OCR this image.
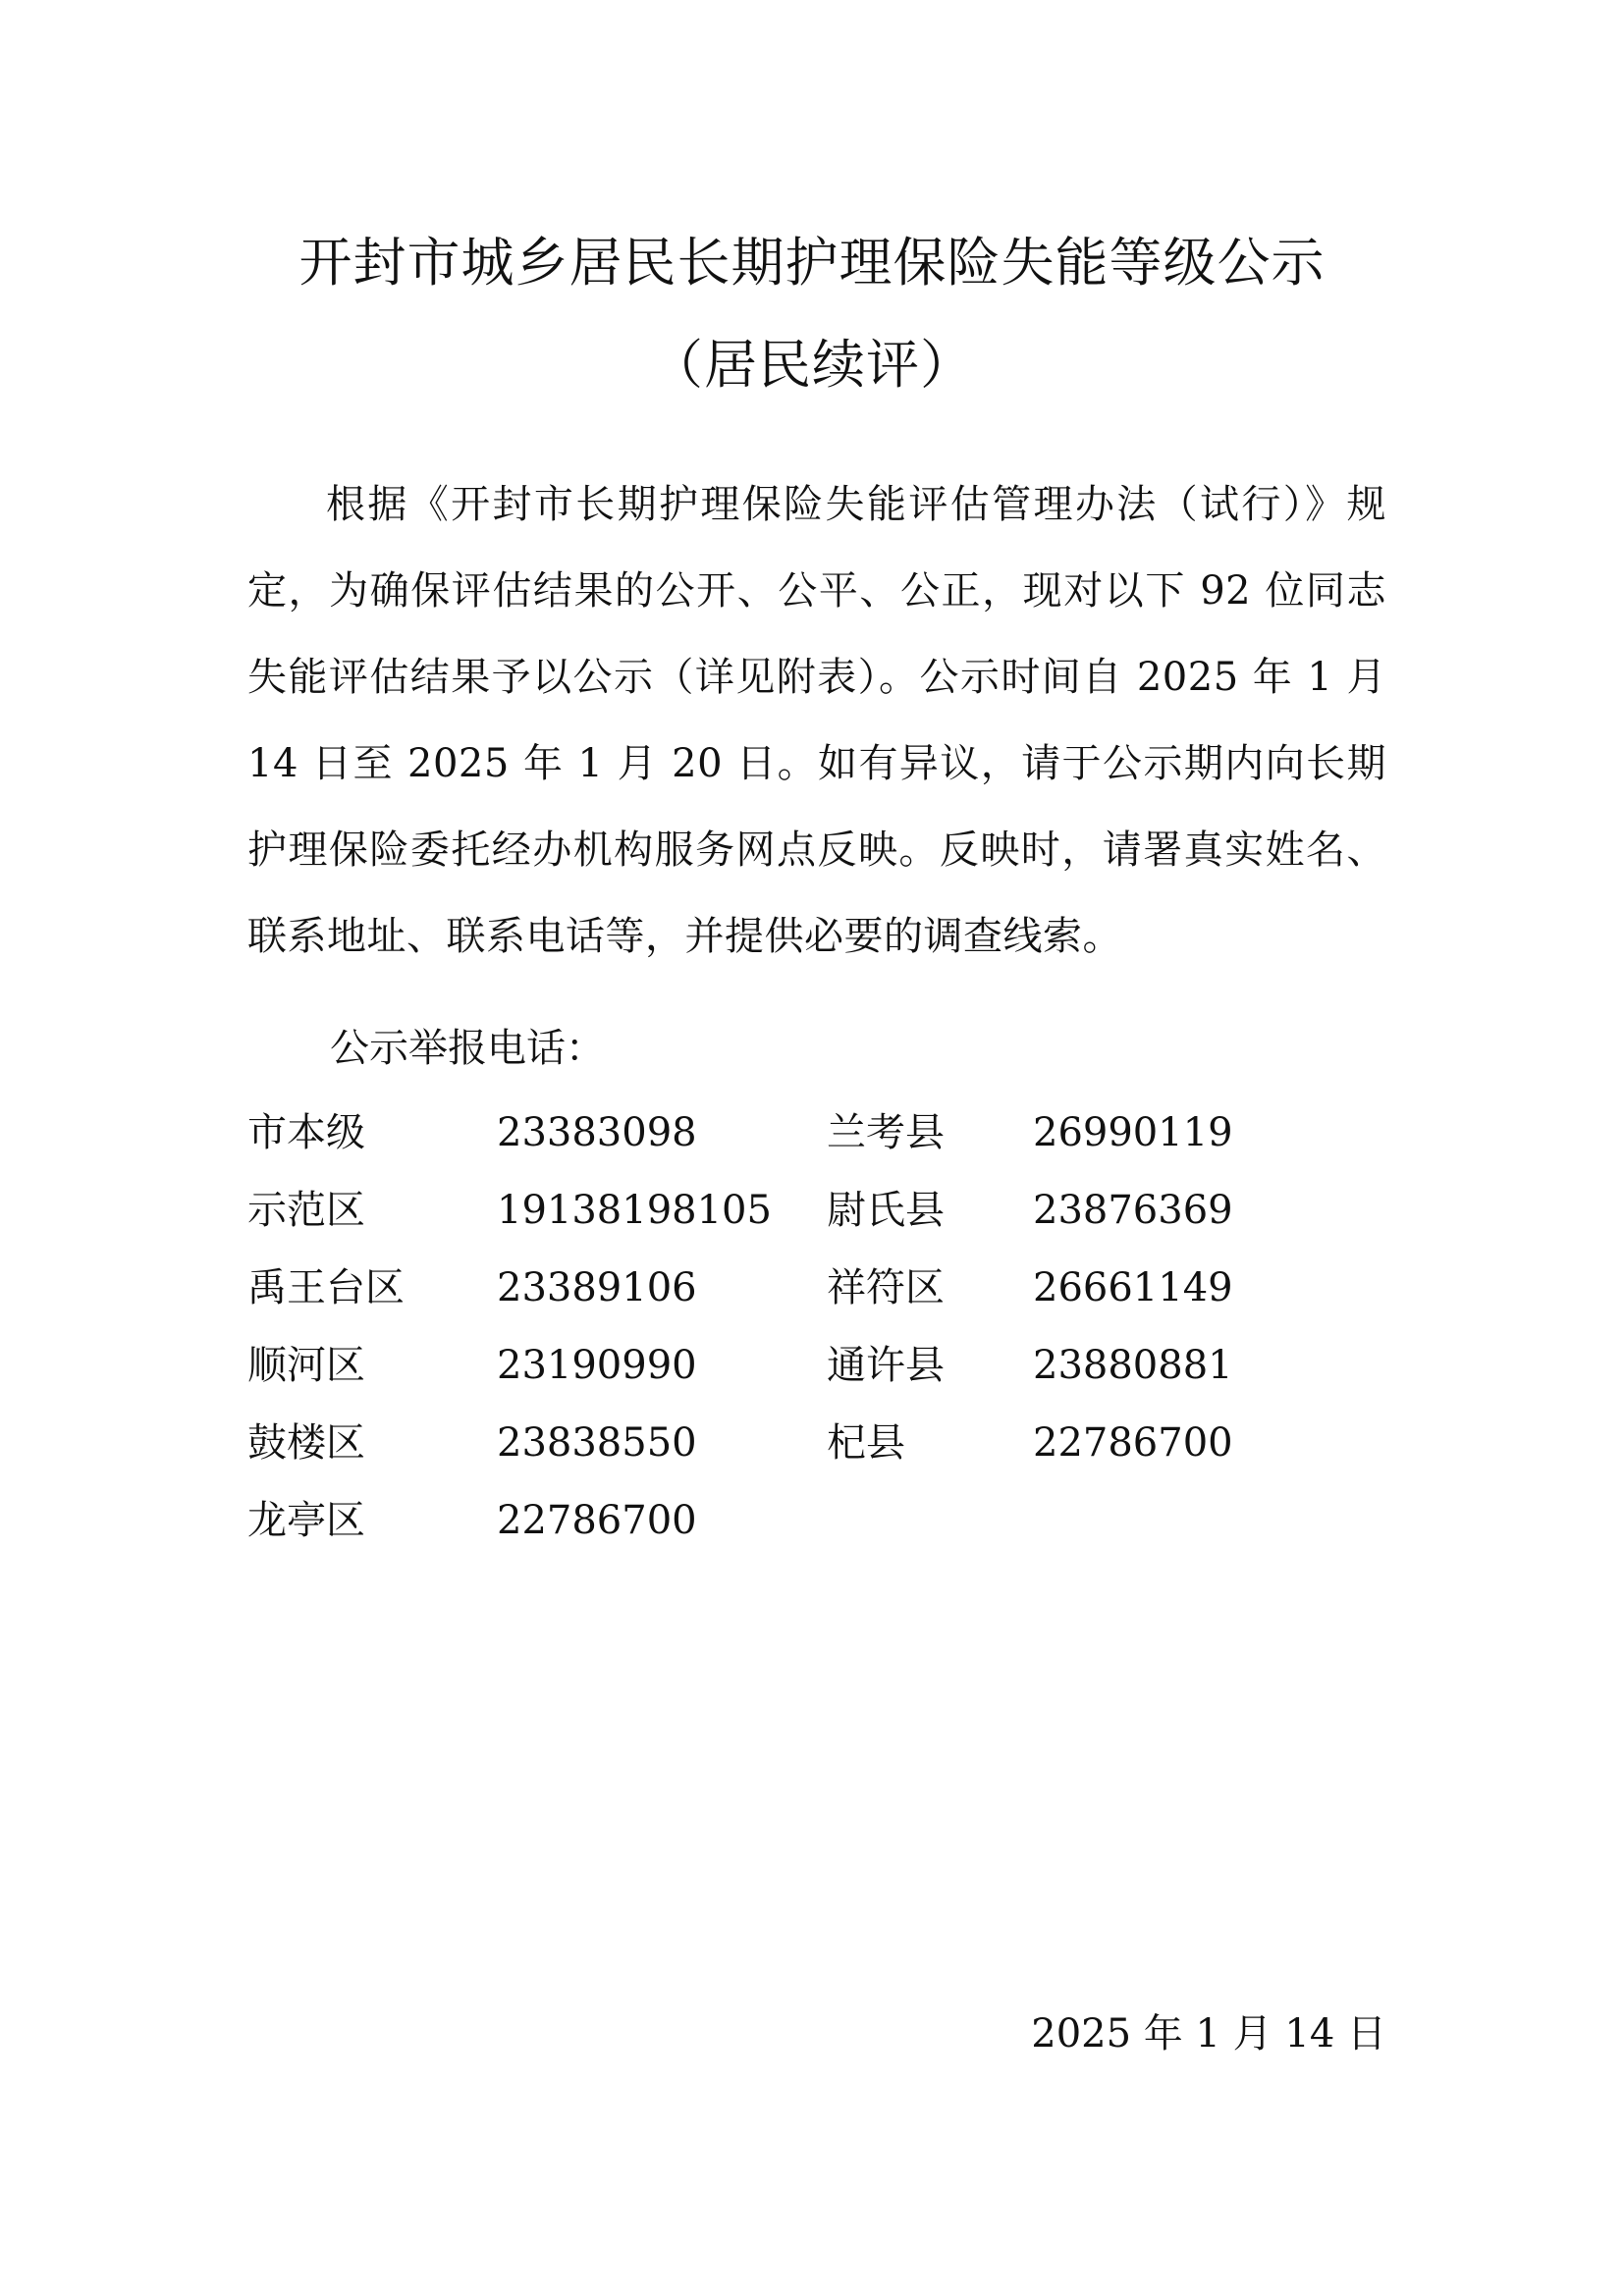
开封市城乡居民长期护理保险失能等级公示
（居民续评）
根据《开封市长期护理保险失能评估管理办法（试行）》规定，为确保评估结果的公开、公平、公正，现对以下 92 位同志失能评估结果予以公示（详见附表）。公示时间自 2025 年 1 月 14 日至 2025 年 1 月 20 日。如有异议，请于公示期内向长期护理保险委托经办机构服务网点反映。反映时，请署真实姓名、联系地址、联系电话等，并提供必要的调查线索。
公示举报电话：
市本级	23383098	兰考县 26990119
示范区	19138198105 尉氏县 23876369
禹王台区 23389106	祥符区 26661149
顺河区	23190990	通许县 23880881
鼓楼区	23838550	杞县	22786700
龙亭区	22786700
2025 年 1 月 14 日
